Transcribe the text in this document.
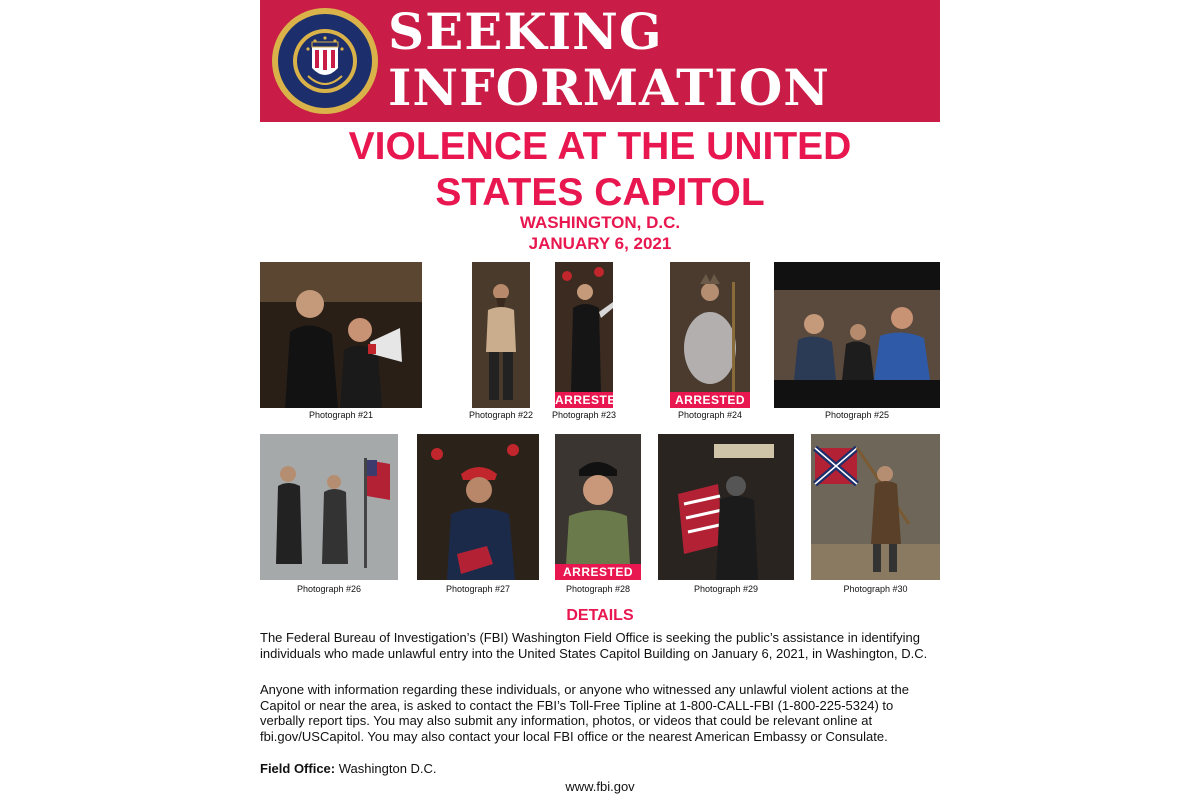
SEEKING
INFORMATION
VIOLENCE AT THE UNITED
STATES CAPITOL
WASHINGTON, D.C.
JANUARY 6, 2021
Photograph #21	Photograph #22
ARRESTED
Photograph #23
ARRESTED
Photograph #24	Photograph #25
Photograph #26	Photograph #27
ARRESTED
Photograph #28	Photograph #29	Photograph #30
DETAILS
The Federal Bureau of Investigation’s (FBI) Washington Field Office is seeking the public’s assistance in identifying individuals who made unlawful entry into the United States Capitol Building on January 6, 2021, in Washington, D.C.
Anyone with information regarding these individuals, or anyone who witnessed any unlawful violent actions at the Capitol or near the area, is asked to contact the FBI’s Toll-Free Tipline at 1-800-CALL-FBI (1-800-225-5324) to verbally report tips. You may also submit any information, photos, or videos that could be relevant online at fbi.gov/USCapitol. You may also contact your local FBI office or the nearest American Embassy or Consulate.
Field Office: Washington D.C.
www.fbi.gov
